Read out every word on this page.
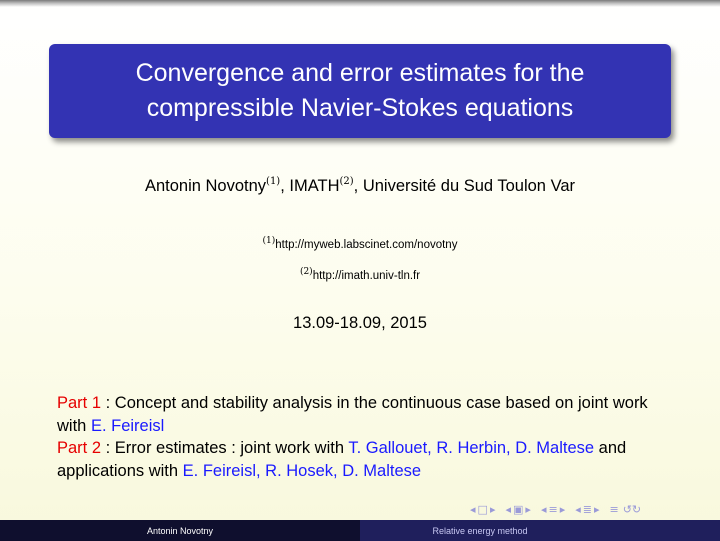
Convergence and error estimates for the
compressible Navier-Stokes equations
Antonin Novotny$^{(1)}$, IMATH$^{(2)}$, Université du Sud Toulon Var
$^{(1)}$http://myweb.labscinet.com/novotny
$^{(2)}$http://imath.univ-tln.fr
13.09-18.09, 2015
Part 1 : Concept and stability analysis in the continuous case based on joint work with E. Feireisl
Part 2 : Error estimates : joint work with T. Gallouet, R. Herbin, D. Maltese and applications with E. Feireisl, R. Hosek, D. Maltese
◂ □ ▸ ◂ ▣ ▸ ◂ ≡ ▸ ◂ ≣ ▸ ≡ ↺↻
Antonin Novotny	Relative energy method
